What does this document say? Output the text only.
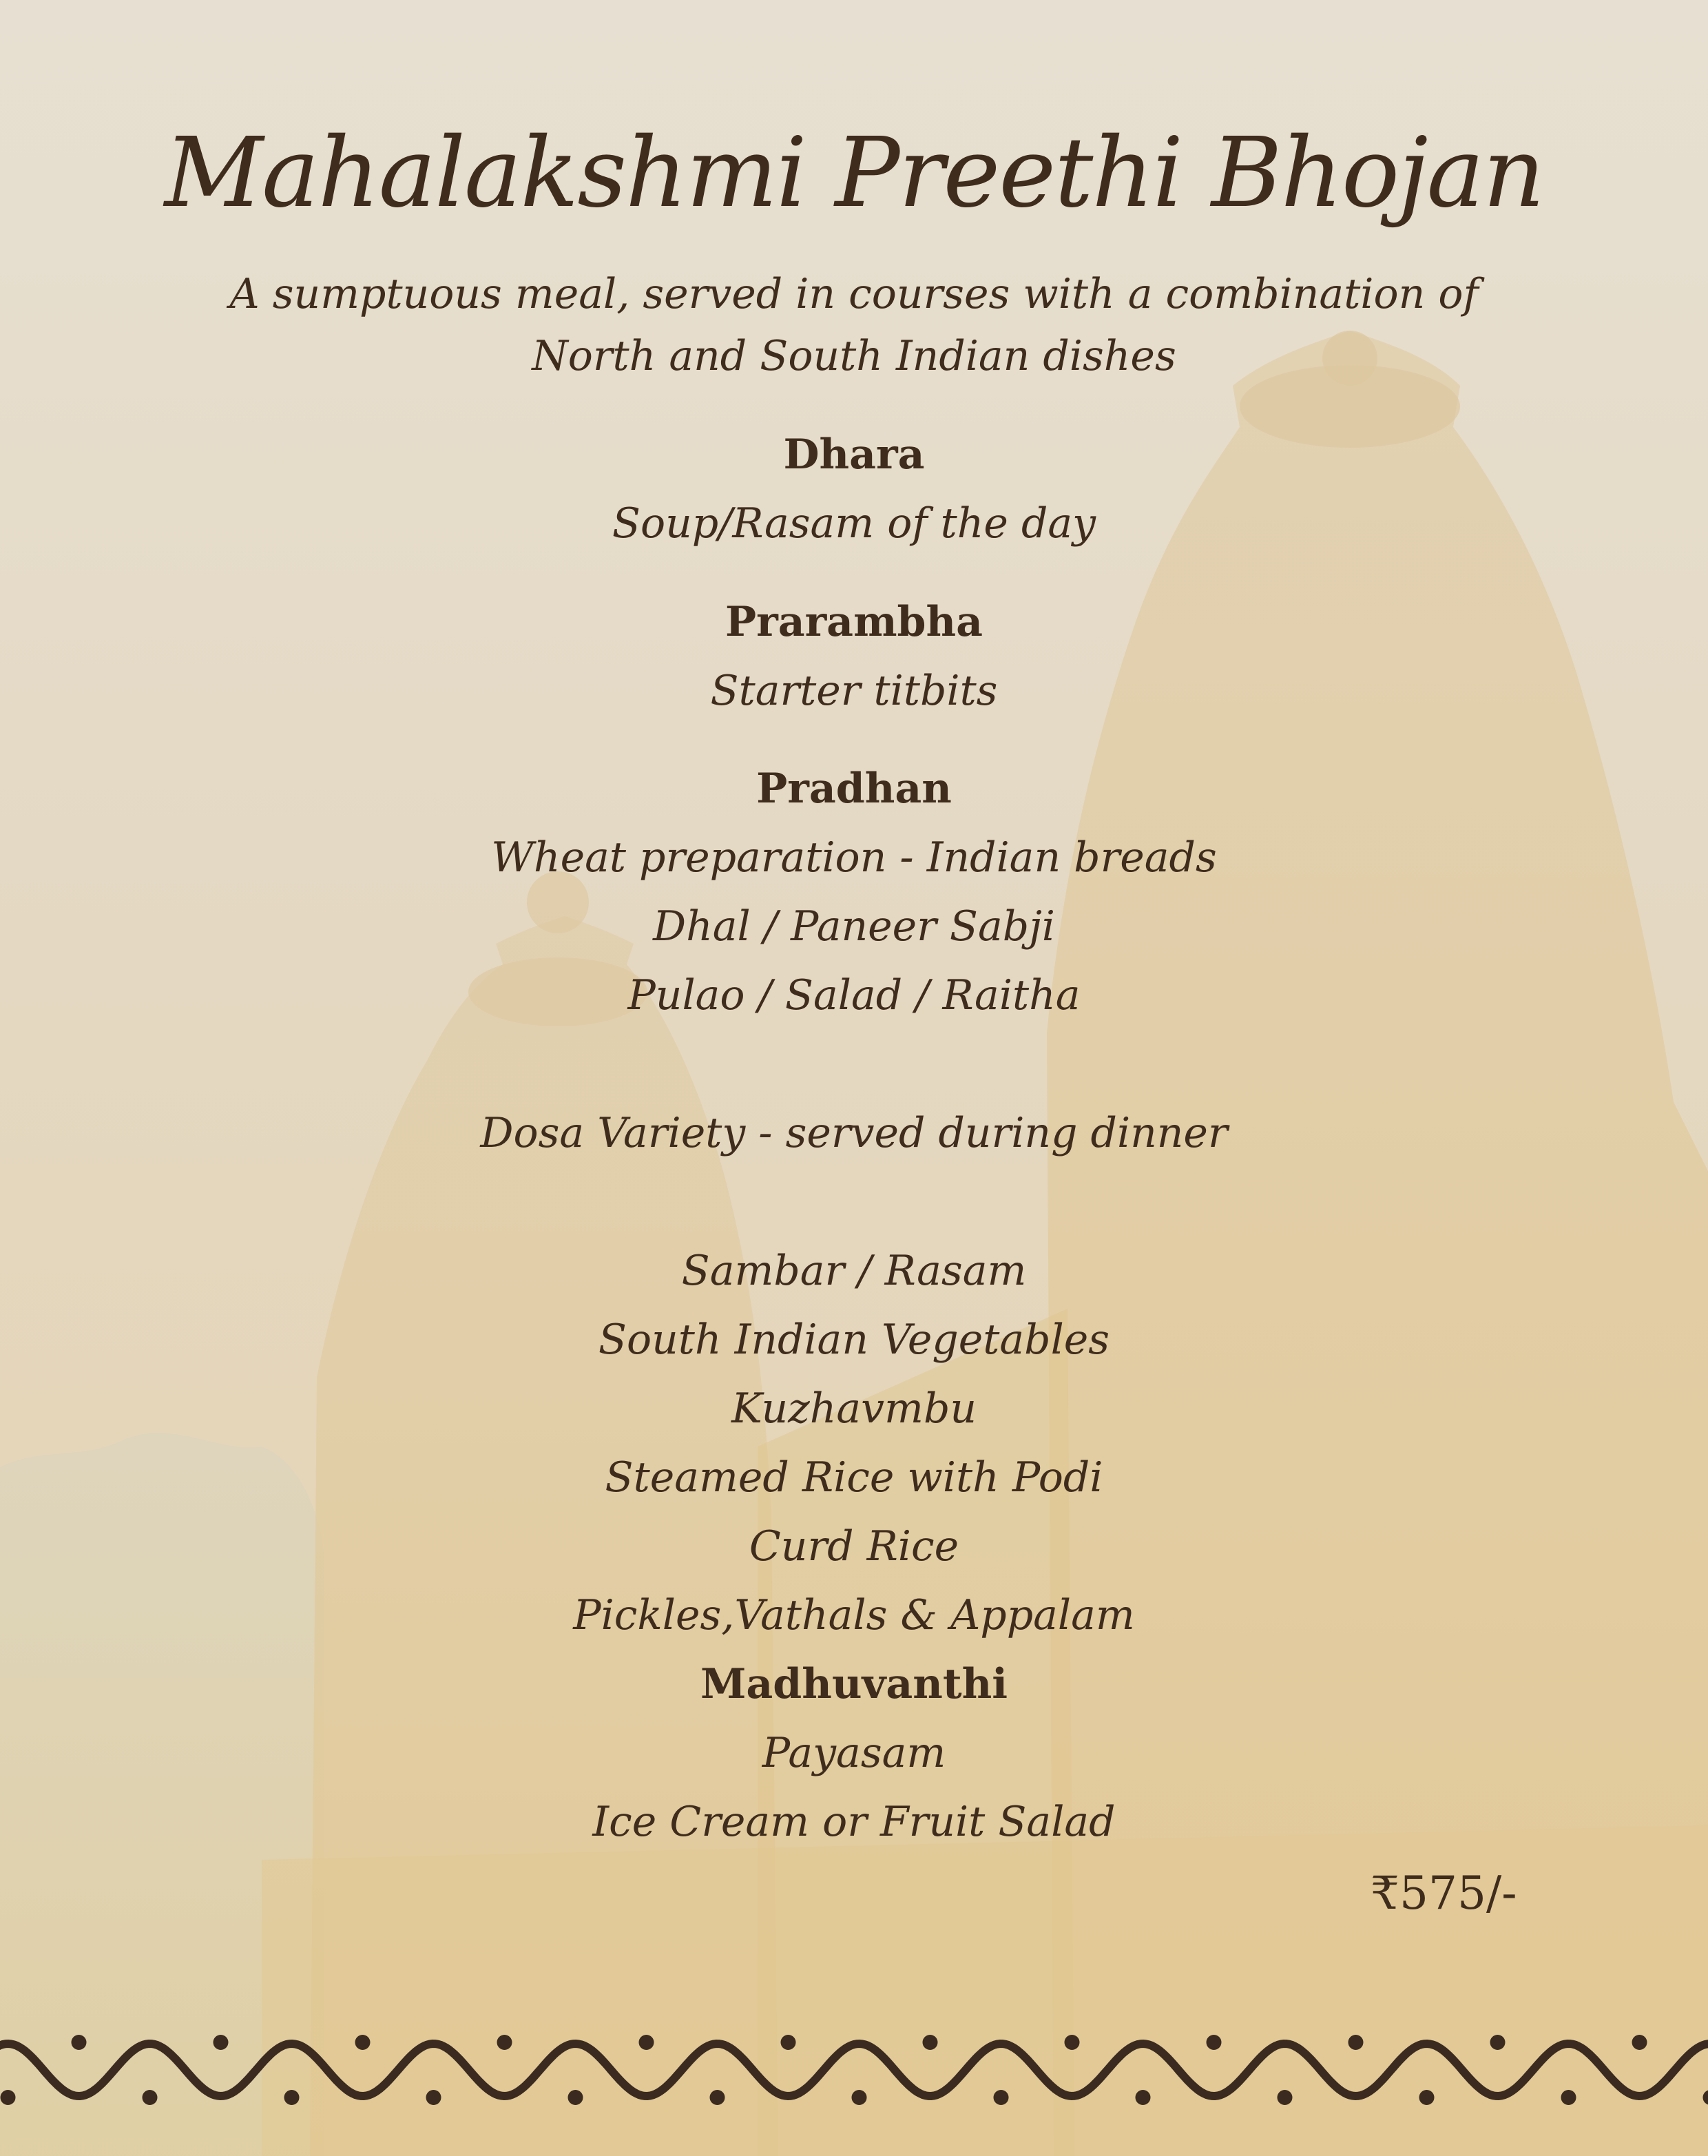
Mahalakshmi Preethi Bhojan
A sumptuous meal, served in courses with a combination of
North and South Indian dishes
Dhara
Soup/Rasam of the day
Prarambha
Starter titbits
Pradhan
Wheat preparation - Indian breads
Dhal / Paneer Sabji
Pulao / Salad / Raitha
Dosa Variety - served during dinner
Sambar / Rasam
South Indian Vegetables
Kuzhavmbu
Steamed Rice with Podi
Curd Rice
Pickles,Vathals & Appalam
Madhuvanthi
Payasam
Ice Cream or Fruit Salad
₹575/-
